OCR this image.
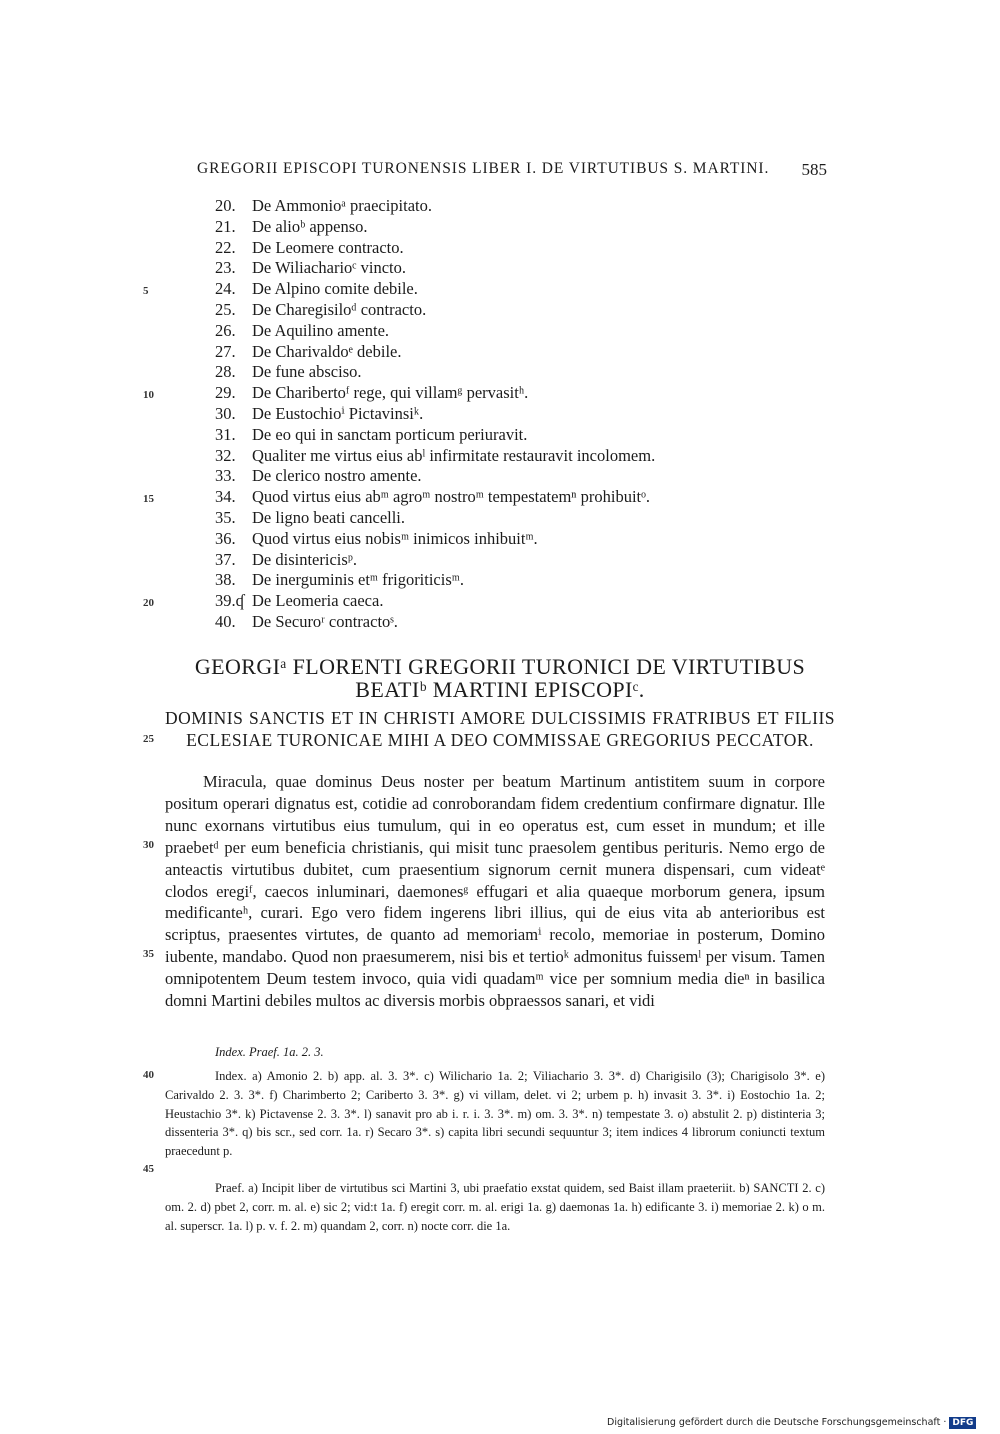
GREGORII EPISCOPI TURONENSIS LIBER I. DE VIRTUTIBUS S. MARTINI. 585
5
10
15
20
25
30
35
40
45
20. De Ammonioᵃ praecipitato.
21. De alioᵇ appenso.
22. De Leomere contracto.
23. De Wiliacharioᶜ vincto.
24. De Alpino comite debile.
25. De Charegisiloᵈ contracto.
26. De Aquilino amente.
27. De Charivaldoᵉ debile.
28. De fune absciso.
29. De Charibertoᶠ rege, qui villamᵍ pervasitʰ.
30. De Eustochioⁱ Pictavinsiᵏ.
31. De eo qui in sanctam porticum periuravit.
32. Qualiter me virtus eius abˡ infirmitate restauravit incolomem.
33. De clerico nostro amente.
34. Quod virtus eius abᵐ agroᵐ nostroᵐ tempestatemⁿ prohibuitᵒ.
35. De ligno beati cancelli.
36. Quod virtus eius nobisᵐ inimicos inhibuitᵐ.
37. De disintericisᵖ.
38. De inerguminis etᵐ frigoriticisᵐ.
39.ʠ De Leomeria caeca.
40. De Securoʳ contractoˢ.
GEORGIᵃ FLORENTI GREGORII TURONICI DE VIRTUTIBUS BEATIᵇ MARTINI EPISCOPIᶜ.
DOMINIS SANCTIS ET IN CHRISTI AMORE DULCISSIMIS FRATRIBUS ET FILIIS ECLESIAE TURONICAE MIHI A DEO COMMISSAE GREGORIUS PECCATOR.
Miracula, quae dominus Deus noster per beatum Martinum antistitem suum in corpore positum operari dignatus est, cotidie ad conroborandam fidem credentium confirmare dignatur. Ille nunc exornans virtutibus eius tumulum, qui in eo operatus est, cum esset in mundum; et ille praebetᵈ per eum beneficia christianis, qui misit tunc praesolem gentibus perituris. Nemo ergo de anteactis virtutibus dubitet, cum praesentium signorum cernit munera dispensari, cum videatᵉ clodos eregiᶠ, caecos inluminari, daemonesᵍ effugari et alia quaeque morborum genera, ipsum medificanteʰ, curari. Ego vero fidem ingerens libri illius, qui de eius vita ab anterioribus est scriptus, praesentes virtutes, de quanto ad memoriamⁱ recolo, memoriae in posterum, Domino iubente, mandabo. Quod non praesumerem, nisi bis et tertioᵏ admonitus fuissemˡ per visum. Tamen omnipotentem Deum testem invoco, quia vidi quadamᵐ vice per somnium media dieⁿ in basilica domni Martini debiles multos ac diversis morbis obpraessos sanari, et vidi
Index. Praef. 1a. 2. 3.
Index. a) Amonio 2. b) app. al. 3. 3*. c) Wilichario 1a. 2; Viliachario 3. 3*. d) Charigisilo (3); Charigisolo 3*. e) Carivaldo 2. 3. 3*. f) Charimberto 2; Cariberto 3. 3*. g) vi villam, delet. vi 2; urbem p. h) invasit 3. 3*. i) Eostochio 1a. 2; Heustachio 3*. k) Pictavense 2. 3. 3*. l) sanavit pro ab i. r. i. 3. 3*. m) om. 3. 3*. n) tempestate 3. o) abstulit 2. p) distinteria 3; dissenteria 3*. q) bis scr., sed corr. 1a. r) Secaro 3*. s) capita libri secundi sequuntur 3; item indices 4 librorum coniuncti textum praecedunt p.
Praef. a) Incipit liber de virtutibus sci Martini 3, ubi praefatio exstat quidem, sed Baist illam praeteriit. b) SANCTI 2. c) om. 2. d) pbet 2, corr. m. al. e) sic 2; vid:t 1a. f) eregit corr. m. al. erigi 1a. g) daemonas 1a. h) edificante 3. i) memoriae 2. k) o m. al. superscr. 1a. l) p. v. f. 2. m) quandam 2, corr. n) nocte corr. die 1a.
Digitalisierung gefördert durch die Deutsche Forschungsgemeinschaft · DFG
